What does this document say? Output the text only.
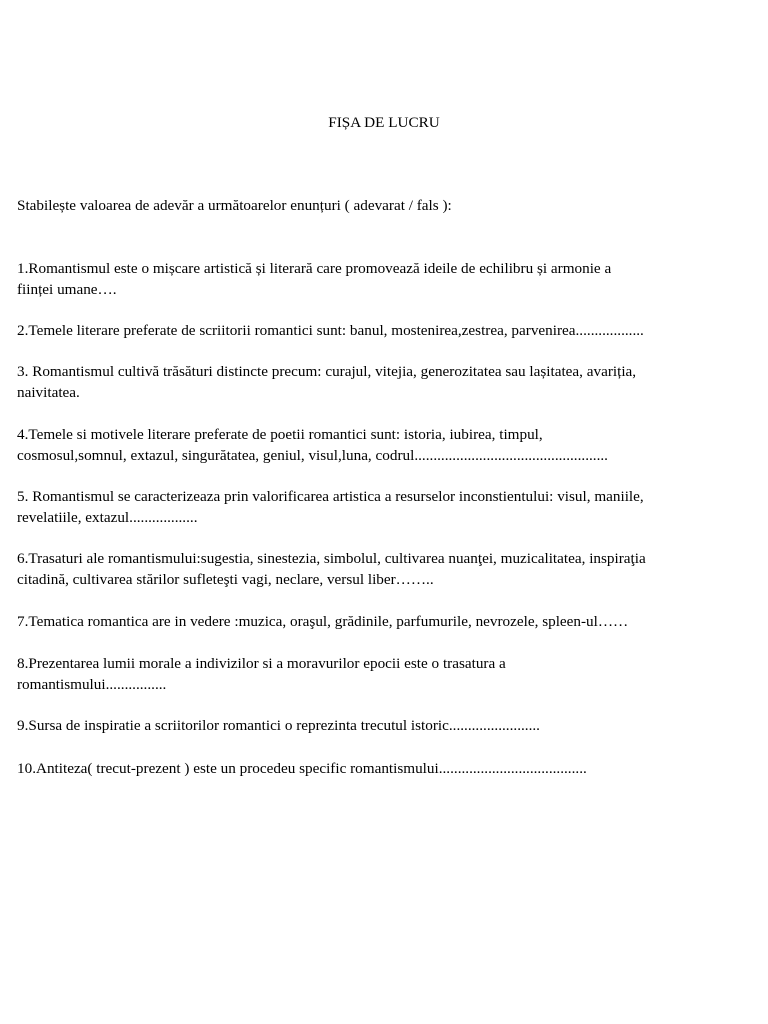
FIȘA DE LUCRU
Stabilește valoarea de adevăr a următoarelor enunțuri ( adevarat / fals ):
1.Romantismul este o mișcare artistică și literară care promovează ideile de echilibru și armonie a
ființei umane….
2.Temele literare preferate de scriitorii romantici sunt: banul, mostenirea,zestrea, parvenirea..................
3. Romantismul cultivă trăsături distincte precum: curajul, vitejia, generozitatea sau lașitatea, avariția,
naivitatea.
4.Temele si motivele literare preferate de poetii romantici sunt: istoria, iubirea, timpul,
cosmosul,somnul, extazul, singurătatea, geniul, visul,luna, codrul...................................................
5. Romantismul se caracterizeaza prin valorificarea artistica a resurselor inconstientului: visul, maniile,
revelatiile, extazul..................
6.Trasaturi ale romantismului:sugestia, sinestezia, simbolul, cultivarea nuanţei, muzicalitatea, inspiraţia
citadină, cultivarea stărilor sufleteşti vagi, neclare, versul liber……..
7.Tematica romantica are in vedere :muzica, oraşul, grădinile, parfumurile, nevrozele, spleen-ul……
8.Prezentarea lumii morale a indivizilor si a moravurilor epocii este o trasatura a
romantismului................
9.Sursa de inspiratie a scriitorilor romantici o reprezinta trecutul istoric........................
10.Antiteza( trecut-prezent ) este un procedeu specific romantismului.......................................
